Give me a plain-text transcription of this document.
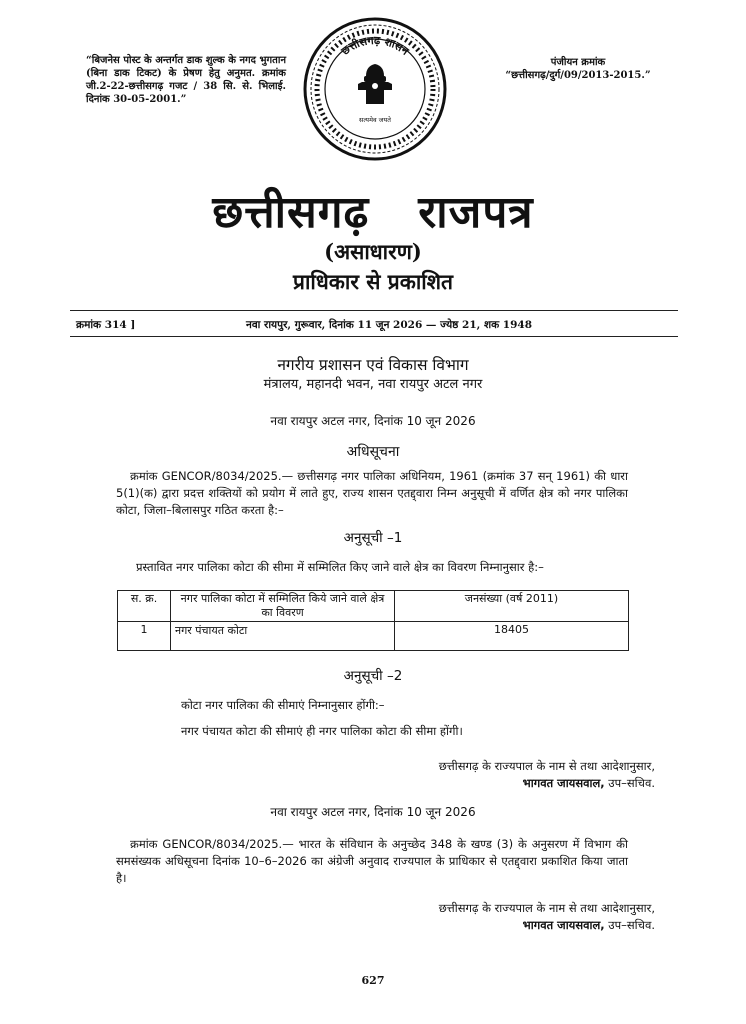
“बिजनेस पोस्ट के अन्तर्गत डाक शुल्क के नगद भुगतान (बिना डाक टिकट) के प्रेषण हेतु अनुमत. क्रमांक जी.2-22-छत्तीसगढ़ गजट / 38 सि. से. भिलाई. दिनांक 30-05-2001.”
पंजीयन क्रमांक
“छत्तीसगढ़/दुर्ग/09/2013-2015.”
छत्तीसगढ़ शासन
सत्यमेव जयते
छत्तीसगढ़   राजपत्र
(असाधारण)
प्राधिकार से प्रकाशित
क्रमांक 314 ]	नवा रायपुर, गुरूवार, दिनांक 11 जून 2026 — ज्येष्ठ 21, शक 1948
नगरीय प्रशासन एवं विकास विभाग
मंत्रालय, महानदी भवन, नवा रायपुर अटल नगर
नवा रायपुर अटल नगर, दिनांक 10 जून 2026
अधिसूचना
क्रमांक GENCOR/8034/2025.— छत्तीसगढ़ नगर पालिका अधिनियम, 1961 (क्रमांक 37 सन् 1961) की धारा 5(1)(क) द्वारा प्रदत्त शक्तियों को प्रयोग में लाते हुए, राज्य शासन एतद्द्वारा निम्न अनुसूची में वर्णित क्षेत्र को नगर पालिका कोटा, जिला–बिलासपुर गठित करता है:–
अनुसूची –1
प्रस्तावित नगर पालिका कोटा की सीमा में सम्मिलित किए जाने वाले क्षेत्र का विवरण निम्नानुसार है:–
स. क्र.	नगर पालिका कोटा में सम्मिलित किये जाने वाले क्षेत्र का विवरण	जनसंख्या (वर्ष 2011)
1	नगर पंचायत कोटा	18405
अनुसूची –2
कोटा नगर पालिका की सीमाएं निम्नानुसार होंगी:–
नगर पंचायत कोटा की सीमाएं ही नगर पालिका कोटा की सीमा होंगी।
छत्तीसगढ़ के राज्यपाल के नाम से तथा आदेशानुसार,
भागवत जायसवाल, उप–सचिव.
नवा रायपुर अटल नगर, दिनांक 10 जून 2026
क्रमांक GENCOR/8034/2025.— भारत के संविधान के अनुच्छेद 348 के खण्ड (3) के अनुसरण में विभाग की समसंख्यक अधिसूचना दिनांक 10–6–2026 का अंग्रेजी अनुवाद राज्यपाल के प्राधिकार से एतद्द्वारा प्रकाशित किया जाता है।
छत्तीसगढ़ के राज्यपाल के नाम से तथा आदेशानुसार,
भागवत जायसवाल, उप–सचिव.
627
